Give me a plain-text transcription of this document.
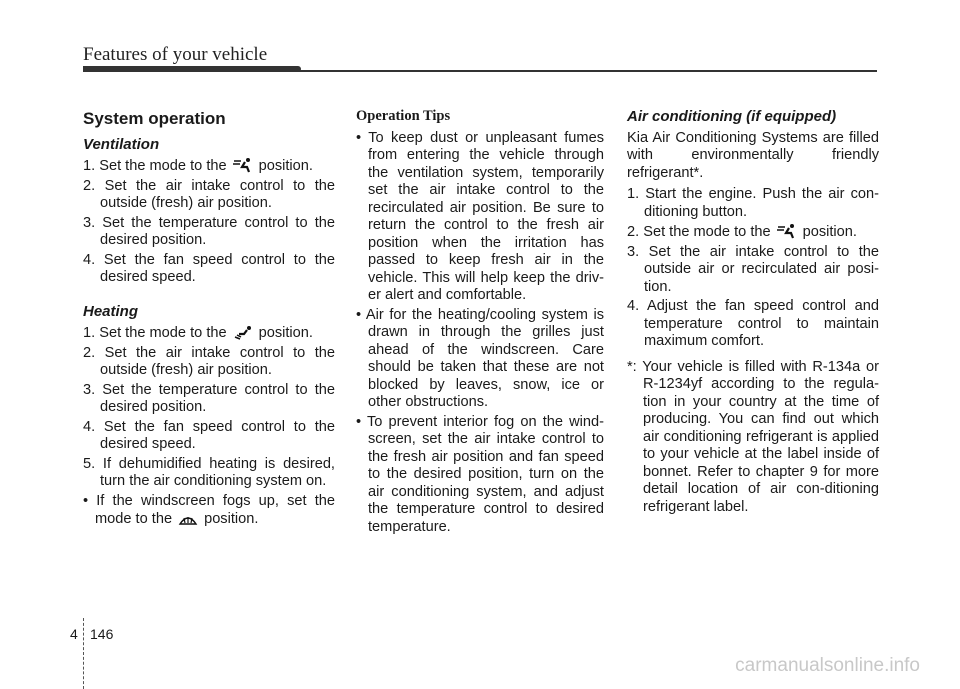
Features of your vehicle
System operation
Ventilation
1. Set the mode to the position.
2. Set the air intake control to the outside (fresh) air position.
3. Set the temperature control to the desired position.
4. Set the fan speed control to the desired speed.
Heating
1. Set the mode to the position.
2. Set the air intake control to the outside (fresh) air position.
3. Set the temperature control to the desired position.
4. Set the fan speed control to the desired speed.
5. If dehumidified heating is desired, turn the air conditioning system on.
• If the windscreen fogs up, set the mode to the position.
Operation Tips
• To keep dust or unpleasant fumes from entering the vehicle through the ventilation system, temporarily set the air intake control to the recirculated air position. Be sure to return the control to the fresh air position when the irritation has passed to keep fresh air in the vehicle. This will help keep the driv-er alert and comfortable.
• Air for the heating/cooling system is drawn in through the grilles just ahead of the windscreen. Care should be taken that these are not blocked by leaves, snow, ice or other obstructions.
• To prevent interior fog on the wind-screen, set the air intake control to the fresh air position and fan speed to the desired position, turn on the air conditioning system, and adjust the temperature control to desired temperature.
Air conditioning (if equipped)
Kia Air Conditioning Systems are filled with environmentally friendly refrigerant*.
1. Start the engine. Push the air con-ditioning button.
2. Set the mode to the position.
3. Set the air intake control to the outside air or recirculated air posi-tion.
4. Adjust the fan speed control and temperature control to maintain maximum comfort.
*: Your vehicle is filled with R-134a or R-1234yf according to the regula-tion in your country at the time of producing. You can find out which air conditioning refrigerant is applied to your vehicle at the label inside of bonnet. Refer to chapter 9 for more detail location of air con-ditioning refrigerant label.
4 146
carmanualsonline.info
